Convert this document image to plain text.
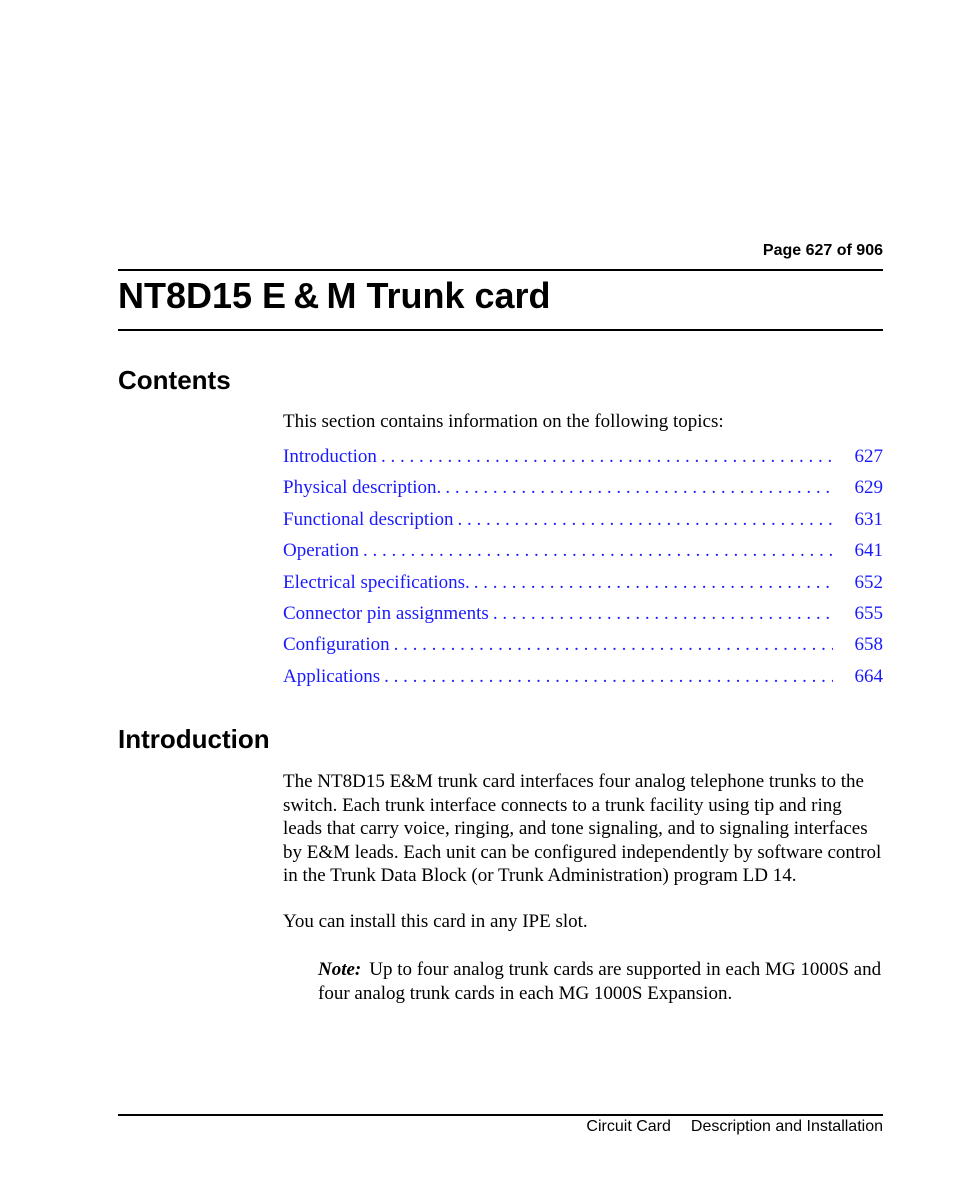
Page 627 of 906
NT8D15 E & M Trunk card
Contents

This section contains information on the following topics:

Introduction . . .	627
Physical description. . . .	629
Functional description . . .	631
Operation . . .	641
Electrical specifications. . . .	652
Connector pin assignments . . .	655
Configuration . . .	658
Applications . . .	664
Introduction

The NT8D15 E&M trunk card interfaces four analog telephone trunks to the switch. Each trunk interface connects to a trunk facility using tip and ring leads that carry voice, ringing, and tone signaling, and to signaling interfaces by E&M leads. Each unit can be configured independently by software control in the Trunk Data Block (or Trunk Administration) program LD 14.

You can install this card in any IPE slot.

Note: Up to four analog trunk cards are supported in each MG 1000S and four analog trunk cards in each MG 1000S Expansion.

Circuit Card Description and Installation
